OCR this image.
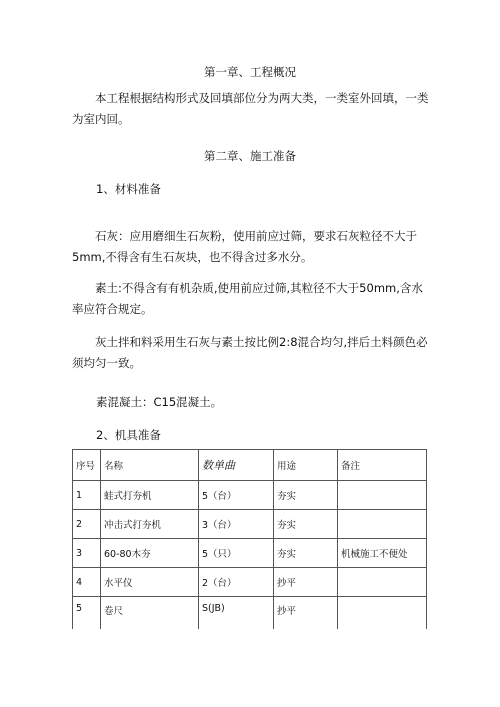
第一章、工程概况
本工程根据结构形式及回填部位分为两大类，一类室外回填，一类为室内回。
第二章、施工准备
1、材料准备
石灰：应用磨细生石灰粉，使用前应过筛，要求石灰粒径不大于5mm,不得含有生石灰块，也不得含过多水分。
素土:不得含有有机杂质,使用前应过筛,其粒径不大于50mm,含水率应符合规定。
灰土拌和料采用生石灰与素土按比例2:8混合均匀,拌后土料颜色必须均匀一致。
素混凝土：C15混凝土。
2、机具准备
序号	名称	数单曲	用途	备注
1	蛙式打夯机	5（台）	夯实	
2	冲击式打夯机	3（台）	夯实	
3	60-80木夯	5（只）	夯实	机械施工不便处
4	水平仪	2（台）	抄平	
5	卷尺	S(JB)	抄平	
